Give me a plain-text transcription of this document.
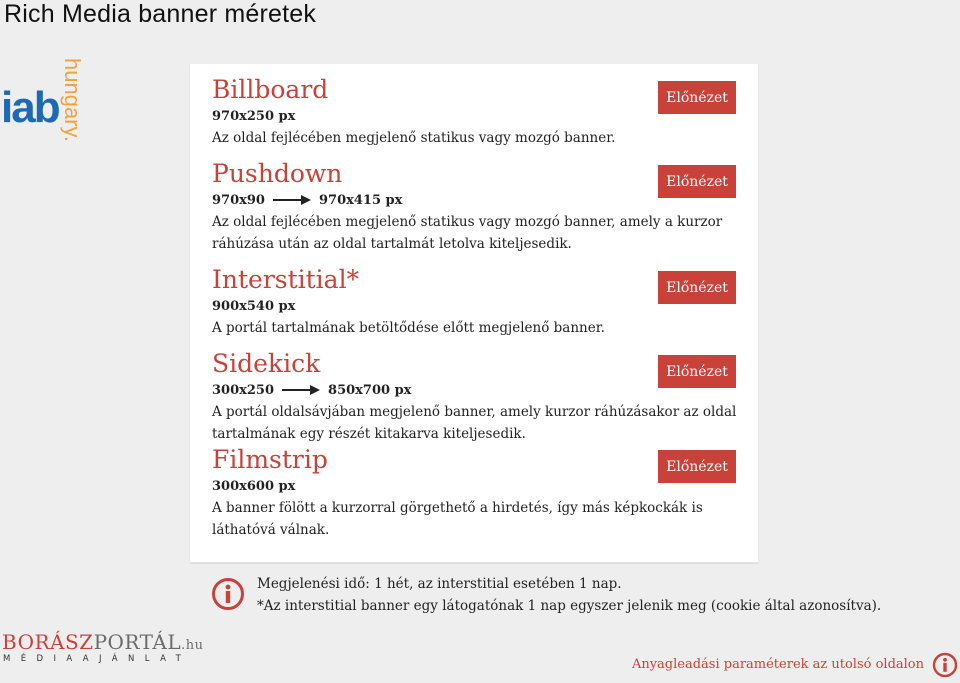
Rich Media banner méretek
iab hungary.	Billboard
970x250 px
Az oldal fejlécében megjelenő statikus vagy mozgó banner.
Előnézet
Pushdown
970x90	970x415 px
Az oldal fejlécében megjelenő statikus vagy mozgó banner, amely a kurzor ráhúzása után az oldal tartalmát letolva kiteljesedik.
Előnézet
Interstitial*
900x540 px
A portál tartalmának betöltődése előtt megjelenő banner.
Előnézet
Sidekick
300x250	850x700 px
A portál oldalsávjában megjelenő banner, amely kurzor ráhúzásakor az oldal tartalmának egy részét kitakarva kiteljesedik.
Előnézet
Filmstrip
300x600 px
A banner fölött a kurzorral görgethető a hirdetés, így más képkockák is láthatóvá válnak.
Előnézet
Megjelenési idő: 1 hét, az interstitial esetében 1 nap.
*Az interstitial banner egy látogatónak 1 nap egyszer jelenik meg (cookie által azonosítva).
BORÁSZPORTÁL.hu
MÉDIAAJÁNLAT	Anyagleadási paraméterek az utolsó oldalon
